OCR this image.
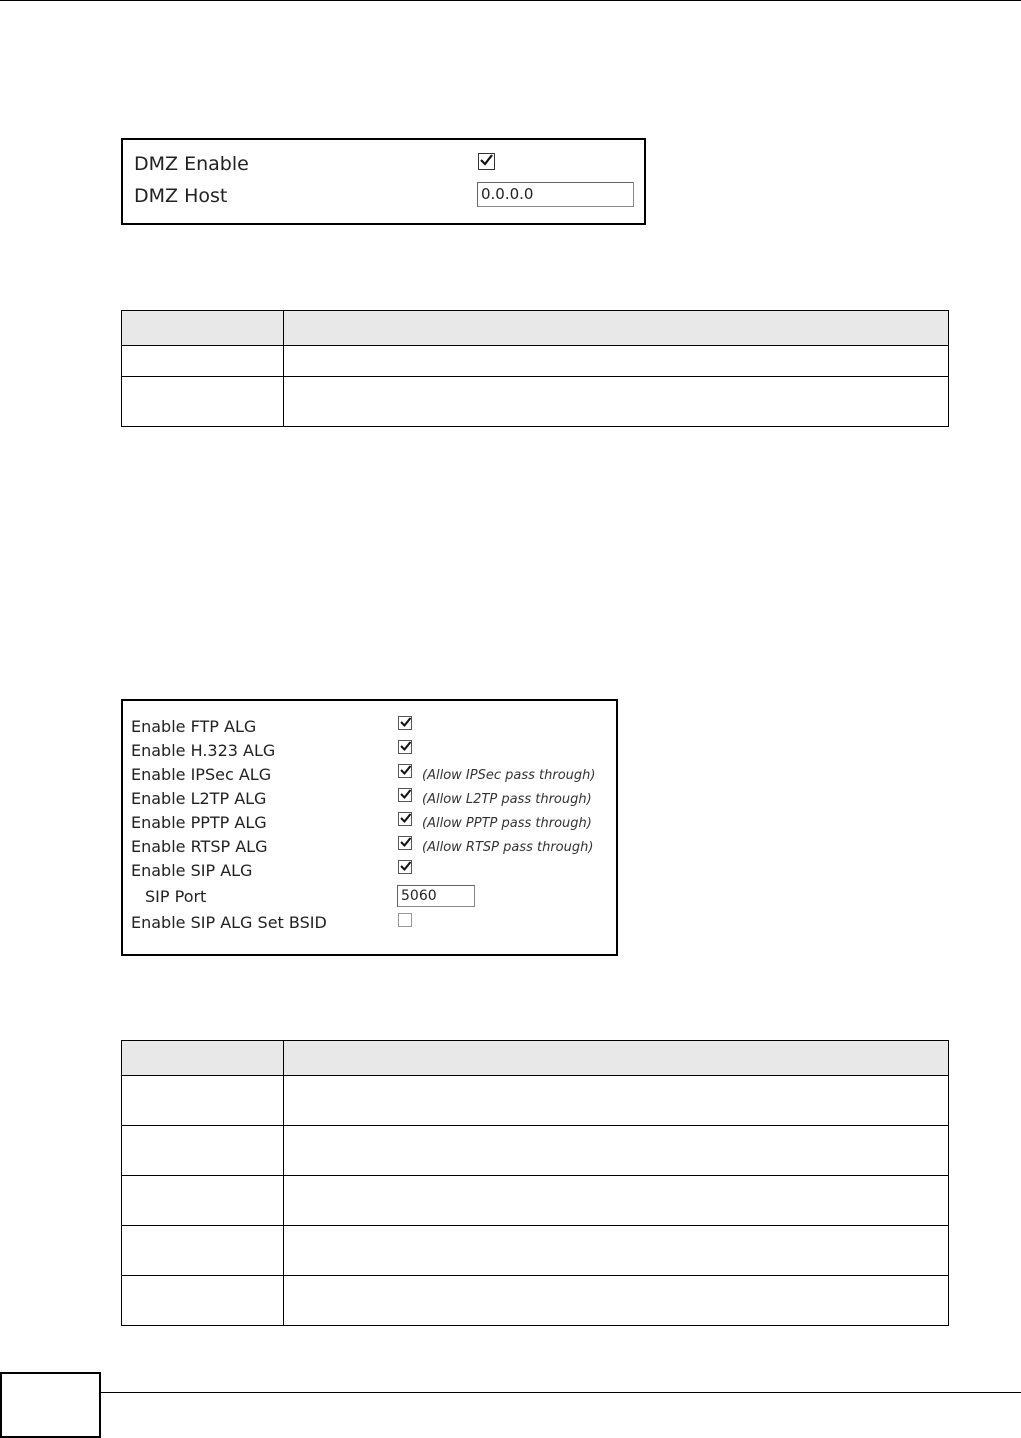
DMZ Enable
DMZ Host	0.0.0.0

Enable FTP ALG
Enable H.323 ALG
Enable IPSec ALG	(Allow IPSec pass through)
Enable L2TP ALG	(Allow L2TP pass through)
Enable PPTP ALG	(Allow PPTP pass through)
Enable RTSP ALG	(Allow RTSP pass through)
Enable SIP ALG
SIP Port	5060
Enable SIP ALG Set BSID
